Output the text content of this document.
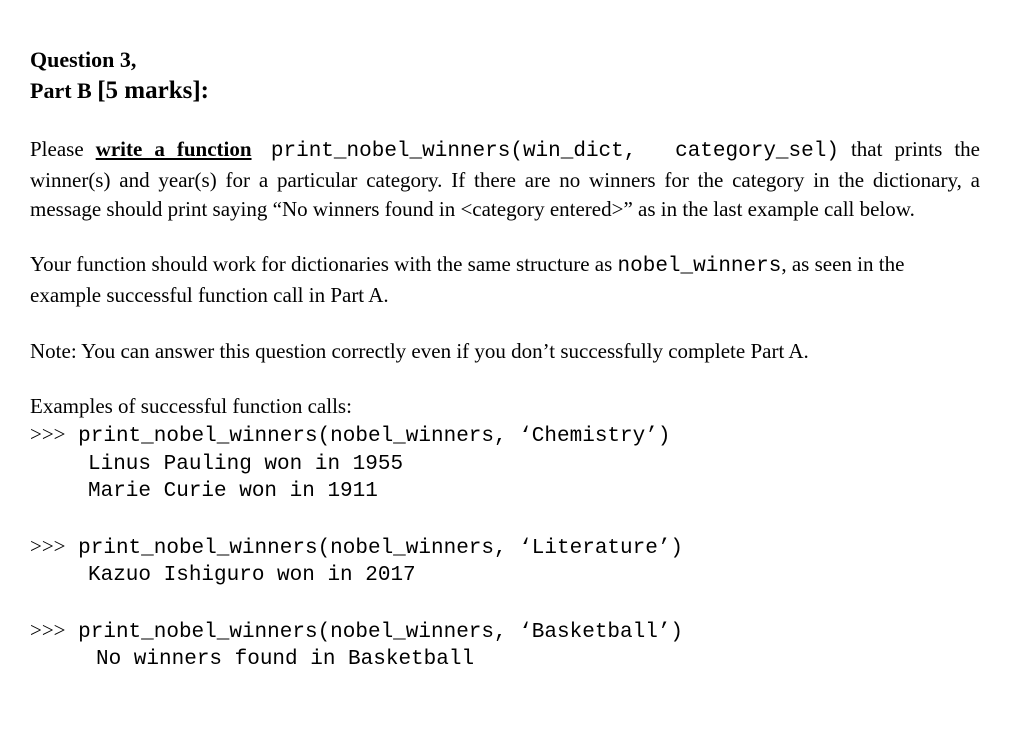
Question 3,
Part B [5 marks]:
Please write a function print_nobel_winners(win_dict,  category_sel) that prints the winner(s) and year(s) for a particular category. If there are no winners for the category in the dictionary, a message should print saying “No winners found in <category entered>” as in the last example call below.
Your function should work for dictionaries with the same structure as nobel_winners, as seen in the example successful function call in Part A.
Note: You can answer this question correctly even if you don’t successfully complete Part A.
Examples of successful function calls:
>>> print_nobel_winners(nobel_winners, ‘Chemistry’)
Linus Pauling won in 1955
Marie Curie won in 1911
>>> print_nobel_winners(nobel_winners, ‘Literature’)
Kazuo Ishiguro won in 2017
>>> print_nobel_winners(nobel_winners, ‘Basketball’)
No winners found in Basketball
